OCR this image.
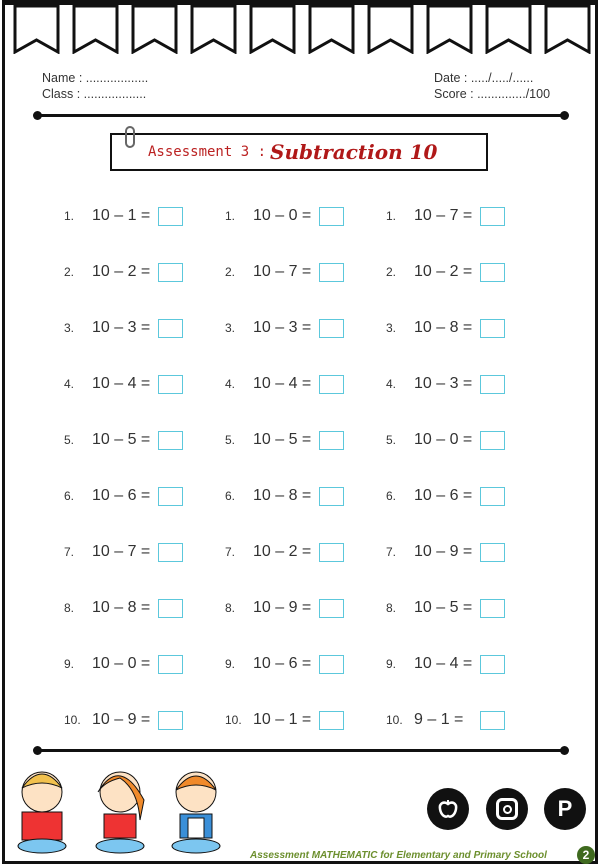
Name : ..................
Class : ..................
Date : ...../...../......
Score : ............../100
Assessment 3 : Subtraction 10
1.	10 – 1 =
2.	10 – 2 =
3.	10 – 3 =
4.	10 – 4 =
5.	10 – 5 =
6.	10 – 6 =
7.	10 – 7 =
8.	10 – 8 =
9.	10 – 0 =
10. 10 – 9 =
1.	10 – 0 =
2.	10 – 7 =
3.	10 – 3 =
4.	10 – 4 =
5.	10 – 5 =
6.	10 – 8 =
7.	10 – 2 =
8.	10 – 9 =
9.	10 – 6 =
10. 10 – 1 =
1.	10 – 7 =
2.	10 – 2 =
3.	10 – 8 =
4.	10 – 3 =
5.	10 – 0 =
6.	10 – 6 =
7.	10 – 9 =
8.	10 – 5 =
9.	10 – 4 =
10. 9 – 1 =
P
Assessment MATHEMATIC for Elementary and Primary School	2
